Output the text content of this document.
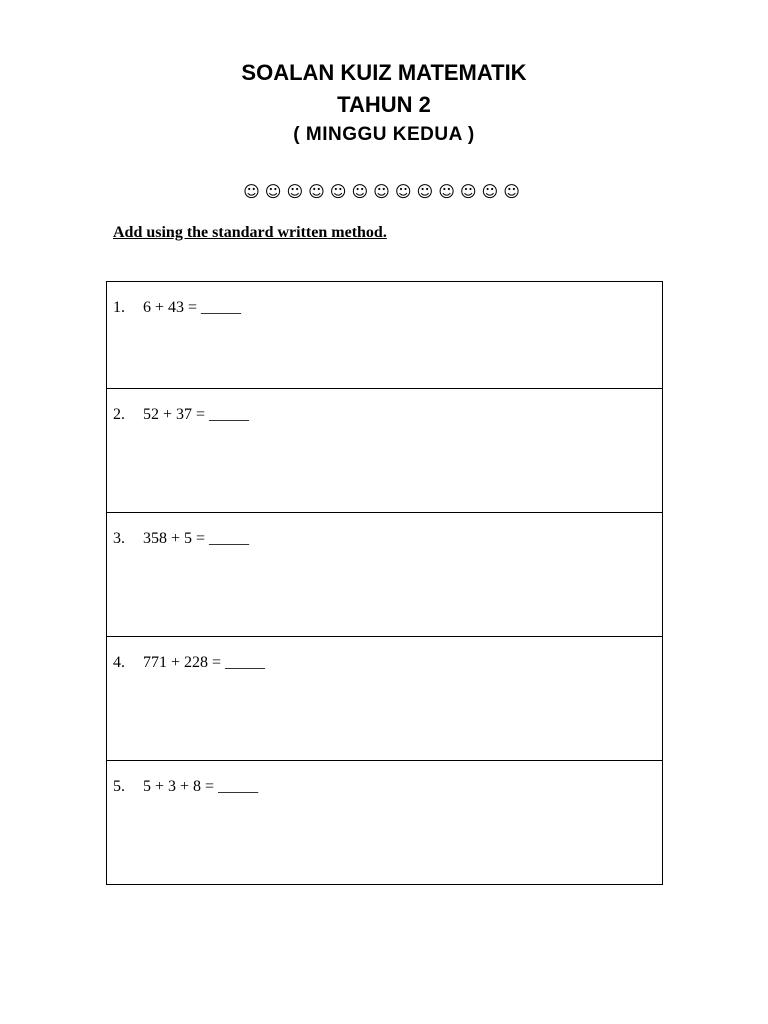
SOALAN KUIZ MATEMATIK
TAHUN 2
( MINGGU KEDUA )
☺☺☺☺☺☺☺☺☺☺☺☺☺
Add using the standard written method.
1. 6 + 43 = _____

2. 52 + 37 = _____

3. 358 + 5 = _____

4. 771 + 228 = _____

5. 5 + 3 + 8 = _____
